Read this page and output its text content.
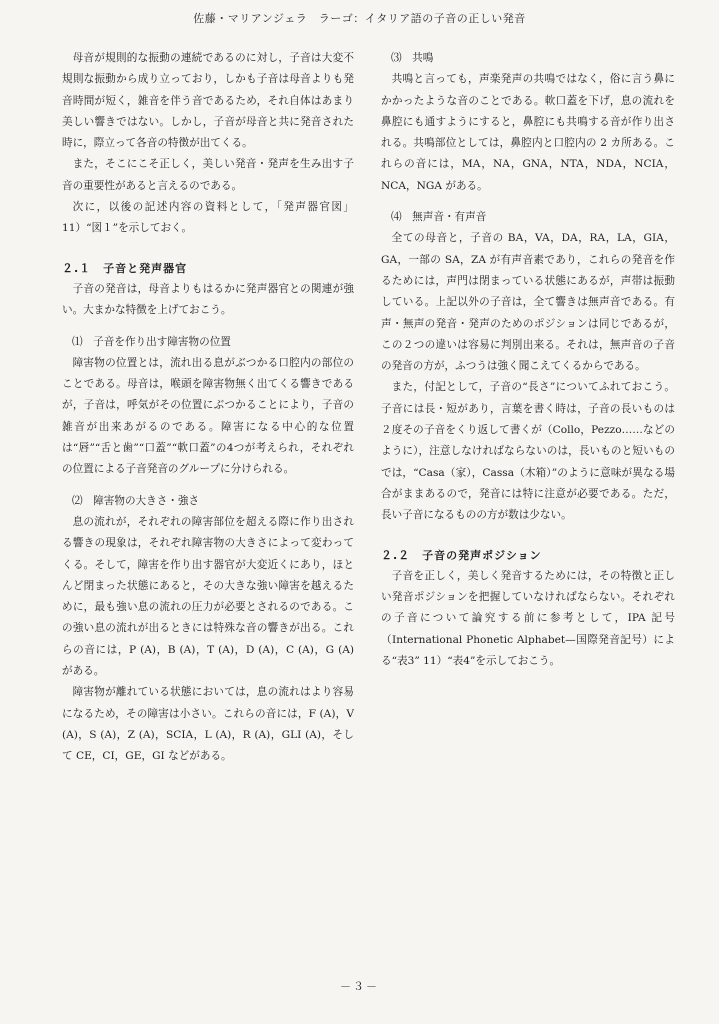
佐藤・マリアンジェラ　ラーゴ：イタリア語の子音の正しい発音

母音が規則的な振動の連続であるのに対し，子音は大変不規則な振動から成り立っており，しかも子音は母音よりも発音時間が短く，雑音を伴う音であるため，それ自体はあまり美しい響きではない。しかし，子音が母音と共に発音された時に，際立って各音の特徴が出てくる。

また，そこにこそ正しく，美しい発音・発声を生み出す子音の重要性があると言えるのである。

次に，以後の記述内容の資料として，「発声器官図」11）“図１”を示しておく。

２.１　子音と発声器官

子音の発音は，母音よりもはるかに発声器官との関連が強い。大まかな特徴を上げておこう。

⑴　子音を作り出す障害物の位置

障害物の位置とは，流れ出る息がぶつかる口腔内の部位のことである。母音は，喉頭を障害物無く出てくる響きであるが，子音は，呼気がその位置にぶつかることにより，子音の雑音が出来あがるのである。障害になる中心的な位置は“唇”“舌と歯”“口蓋”“軟口蓋”の4つが考えられ，それぞれの位置による子音発音のグループに分けられる。

⑵　障害物の大きさ・強さ

息の流れが，それぞれの障害部位を超える際に作り出される響きの現象は，それぞれ障害物の大きさによって変わってくる。そして，障害を作り出す器官が大変近くにあり，ほとんど閉まった状態にあると，その大きな強い障害を越えるために，最も強い息の流れの圧力が必要とされるのである。この強い息の流れが出るときには特殊な音の響きが出る。これらの音には，P (A)，B (A)，T (A)，D (A)，C (A)，G (A) がある。

障害物が離れている状態においては，息の流れはより容易になるため，その障害は小さい。これらの音には，F (A)，V (A)，S (A)，Z (A)，SCIA，L (A)，R (A)，GLI (A)，そして CE，CI，GE，GI などがある。

⑶　共鳴

共鳴と言っても，声楽発声の共鳴ではなく，俗に言う鼻にかかったような音のことである。軟口蓋を下げ，息の流れを鼻腔にも通すようにすると，鼻腔にも共鳴する音が作り出される。共鳴部位としては，鼻腔内と口腔内の 2 カ所ある。これらの音には，MA，NA，GNA，NTA，NDA，NCIA，NCA，NGA がある。

⑷　無声音・有声音

全ての母音と，子音の BA，VA，DA，RA，LA，GIA，GA，一部の SA，ZA が有声音素であり，これらの発音を作るためには，声門は閉まっている状態にあるが，声帯は振動している。上記以外の子音は，全て響きは無声音である。有声・無声の発音・発声のためのポジションは同じであるが，この２つの違いは容易に判別出来る。それは，無声音の子音の発音の方が，ふつうは強く聞こえてくるからである。

また，付記として，子音の“長さ”についてふれておこう。子音には長・短があり，言葉を書く時は，子音の長いものは２度その子音をくり返して書くが（Collo，Pezzo……などのように），注意しなければならないのは，長いものと短いものでは，“Casa（家），Cassa（木箱）”のように意味が異なる場合がままあるので，発音には特に注意が必要である。ただ，長い子音になるものの方が数は少ない。

２.２　子音の発声ポジション

子音を正しく，美しく発音するためには，その特徴と正しい発音ポジションを把握していなければならない。それぞれの子音について論究する前に参考として，IPA 記号（International Phonetic Alphabet—国際発音記号）による“表3” 11）“表4”を示しておこう。

－３－
